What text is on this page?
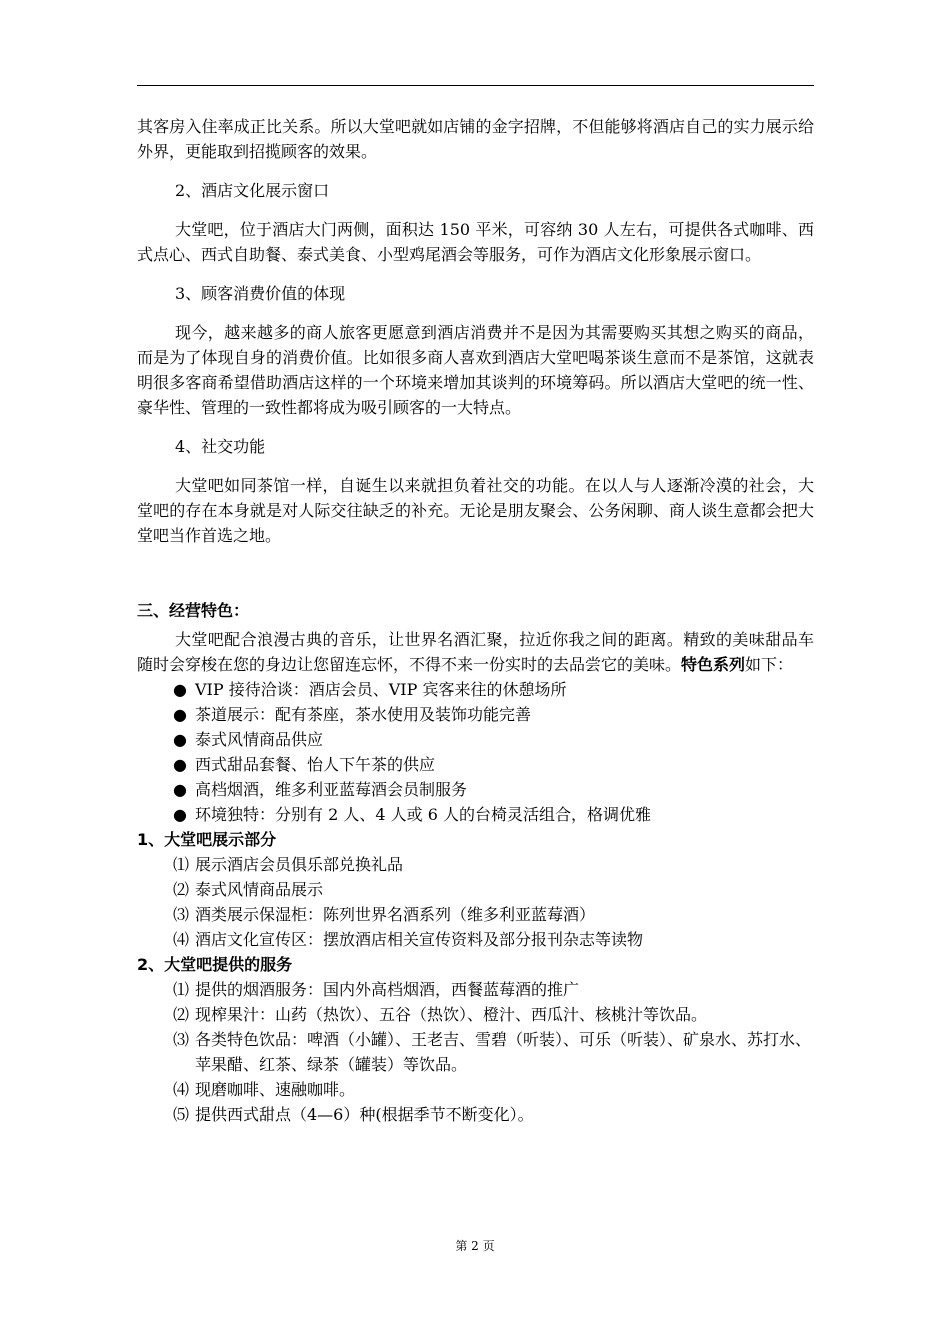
其客房入住率成正比关系。所以大堂吧就如店铺的金字招牌，不但能够将酒店自己的实力展示给外界，更能取到招揽顾客的效果。

2、酒店文化展示窗口

大堂吧，位于酒店大门两侧，面积达 150 平米，可容纳 30 人左右，可提供各式咖啡、西式点心、西式自助餐、泰式美食、小型鸡尾酒会等服务，可作为酒店文化形象展示窗口。

3、顾客消费价值的体现

现今，越来越多的商人旅客更愿意到酒店消费并不是因为其需要购买其想之购买的商品，而是为了体现自身的消费价值。比如很多商人喜欢到酒店大堂吧喝茶谈生意而不是茶馆，这就表明很多客商希望借助酒店这样的一个环境来增加其谈判的环境筹码。所以酒店大堂吧的统一性、豪华性、管理的一致性都将成为吸引顾客的一大特点。

4、社交功能

大堂吧如同茶馆一样，自诞生以来就担负着社交的功能。在以人与人逐渐冷漠的社会，大堂吧的存在本身就是对人际交往缺乏的补充。无论是朋友聚会、公务闲聊、商人谈生意都会把大堂吧当作首选之地。

三、经营特色：

大堂吧配合浪漫古典的音乐，让世界名酒汇聚，拉近你我之间的距离。精致的美味甜品车随时会穿梭在您的身边让您留连忘怀，不得不来一份实时的去品尝它的美味。特色系列如下：

● VIP 接待洽谈：酒店会员、VIP 宾客来往的休憩场所
● 茶道展示：配有茶座，茶水使用及装饰功能完善
● 泰式风情商品供应
● 西式甜品套餐、怡人下午茶的供应
● 高档烟酒，维多利亚蓝莓酒会员制服务
● 环境独特：分别有 2 人、4 人或 6 人的台椅灵活组合，格调优雅

1、大堂吧展示部分

⑴ 展示酒店会员俱乐部兑换礼品
⑵ 泰式风情商品展示
⑶ 酒类展示保湿柜：陈列世界名酒系列（维多利亚蓝莓酒）
⑷ 酒店文化宣传区：摆放酒店相关宣传资料及部分报刊杂志等读物

2、大堂吧提供的服务

⑴ 提供的烟酒服务：国内外高档烟酒，西餐蓝莓酒的推广
⑵ 现榨果汁：山药（热饮）、五谷（热饮）、橙汁、西瓜汁、核桃汁等饮品。
⑶ 各类特色饮品：啤酒（小罐）、王老吉、雪碧（听装）、可乐（听装）、矿泉水、苏打水、苹果醋、红茶、绿茶（罐装）等饮品。
⑷ 现磨咖啡、速融咖啡。
⑸ 提供西式甜点（4—6）种(根据季节不断变化）。
第 2 页
